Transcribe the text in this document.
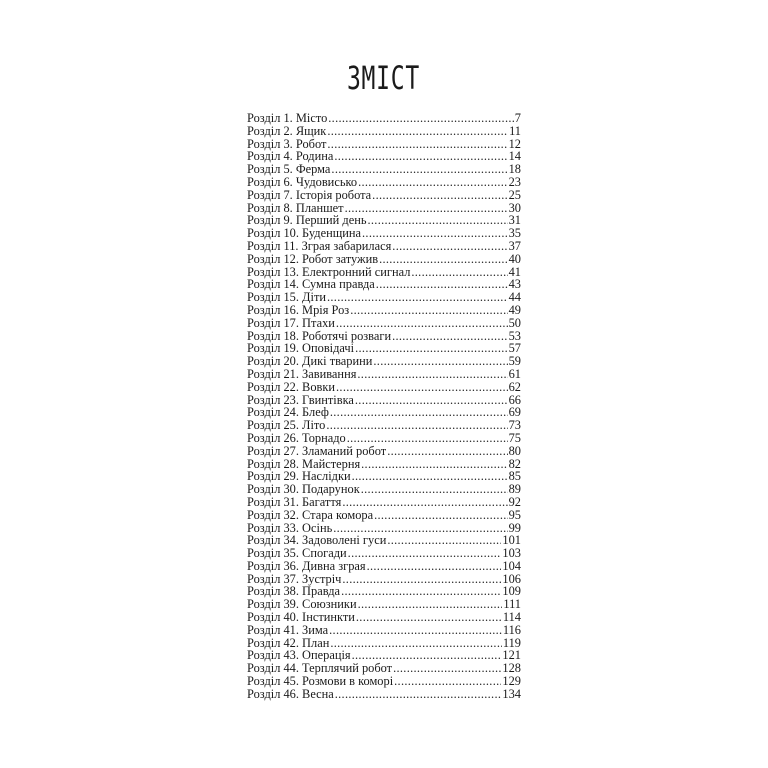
ЗМІСТ
Розділ 1. Місто .....	7
Розділ 2. Ящик .....	11
Розділ 3. Робот .....	12
Розділ 4. Родина .....	14
Розділ 5. Ферма .....	18
Розділ 6. Чудовисько .....	23
Розділ 7. Історія робота .....	25
Розділ 8. Планшет .....	30
Розділ 9. Перший день .....	31
Розділ 10. Буденщина .....	35
Розділ 11. Зграя забарилася .....	37
Розділ 12. Робот затужив .....	40
Розділ 13. Електронний сигнал .....	41
Розділ 14. Сумна правда .....	43
Розділ 15. Діти .....	44
Розділ 16. Мрія Роз .....	49
Розділ 17. Птахи .....	50
Розділ 18. Роботячі розваги .....	53
Розділ 19. Оповідачі .....	57
Розділ 20. Дикі тварини .....	59
Розділ 21. Завивання .....	61
Розділ 22. Вовки .....	62
Розділ 23. Гвинтівка .....	66
Розділ 24. Блеф .....	69
Розділ 25. Літо .....	73
Розділ 26. Торнадо .....	75
Розділ 27. Зламаний робот .....	80
Розділ 28. Майстерня .....	82
Розділ 29. Наслідки .....	85
Розділ 30. Подарунок .....	89
Розділ 31. Багаття .....	92
Розділ 32. Стара комора .....	95
Розділ 33. Осінь .....	99
Розділ 34. Задоволені гуси .....	101
Розділ 35. Спогади .....	103
Розділ 36. Дивна зграя .....	104
Розділ 37. Зустріч .....	106
Розділ 38. Правда .....	109
Розділ 39. Союзники .....	111
Розділ 40. Інстинкти .....	114
Розділ 41. Зима .....	116
Розділ 42. План .....	119
Розділ 43. Операція .....	121
Розділ 44. Терплячий робот .....	128
Розділ 45. Розмови в коморі .....	129
Розділ 46. Весна .....	134
